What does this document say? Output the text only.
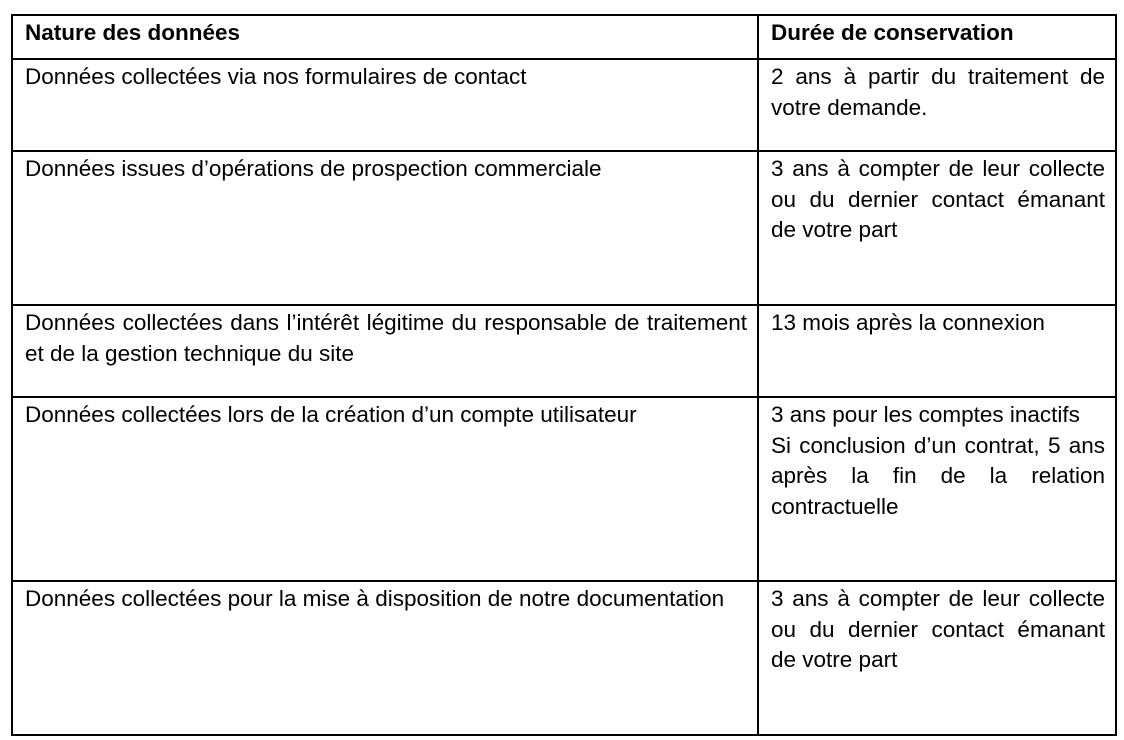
Nature des données	Durée de conservation
Données collectées via nos formulaires de contact	2 ans à partir du traitement de votre demande.

Données issues d’opérations de prospection commerciale	3 ans à compter de leur collecte ou du dernier contact émanant de votre part

Données collectées dans l’intérêt légitime du responsable de traitement et de la gestion technique du site	13 mois après la connexion

Données collectées lors de la création d’un compte utilisateur	3 ans pour les comptes inactifs
Si conclusion d’un contrat, 5 ans après la fin de la relation contractuelle

Données collectées pour la mise à disposition de notre documentation	3 ans à compter de leur collecte ou du dernier contact émanant de votre part
